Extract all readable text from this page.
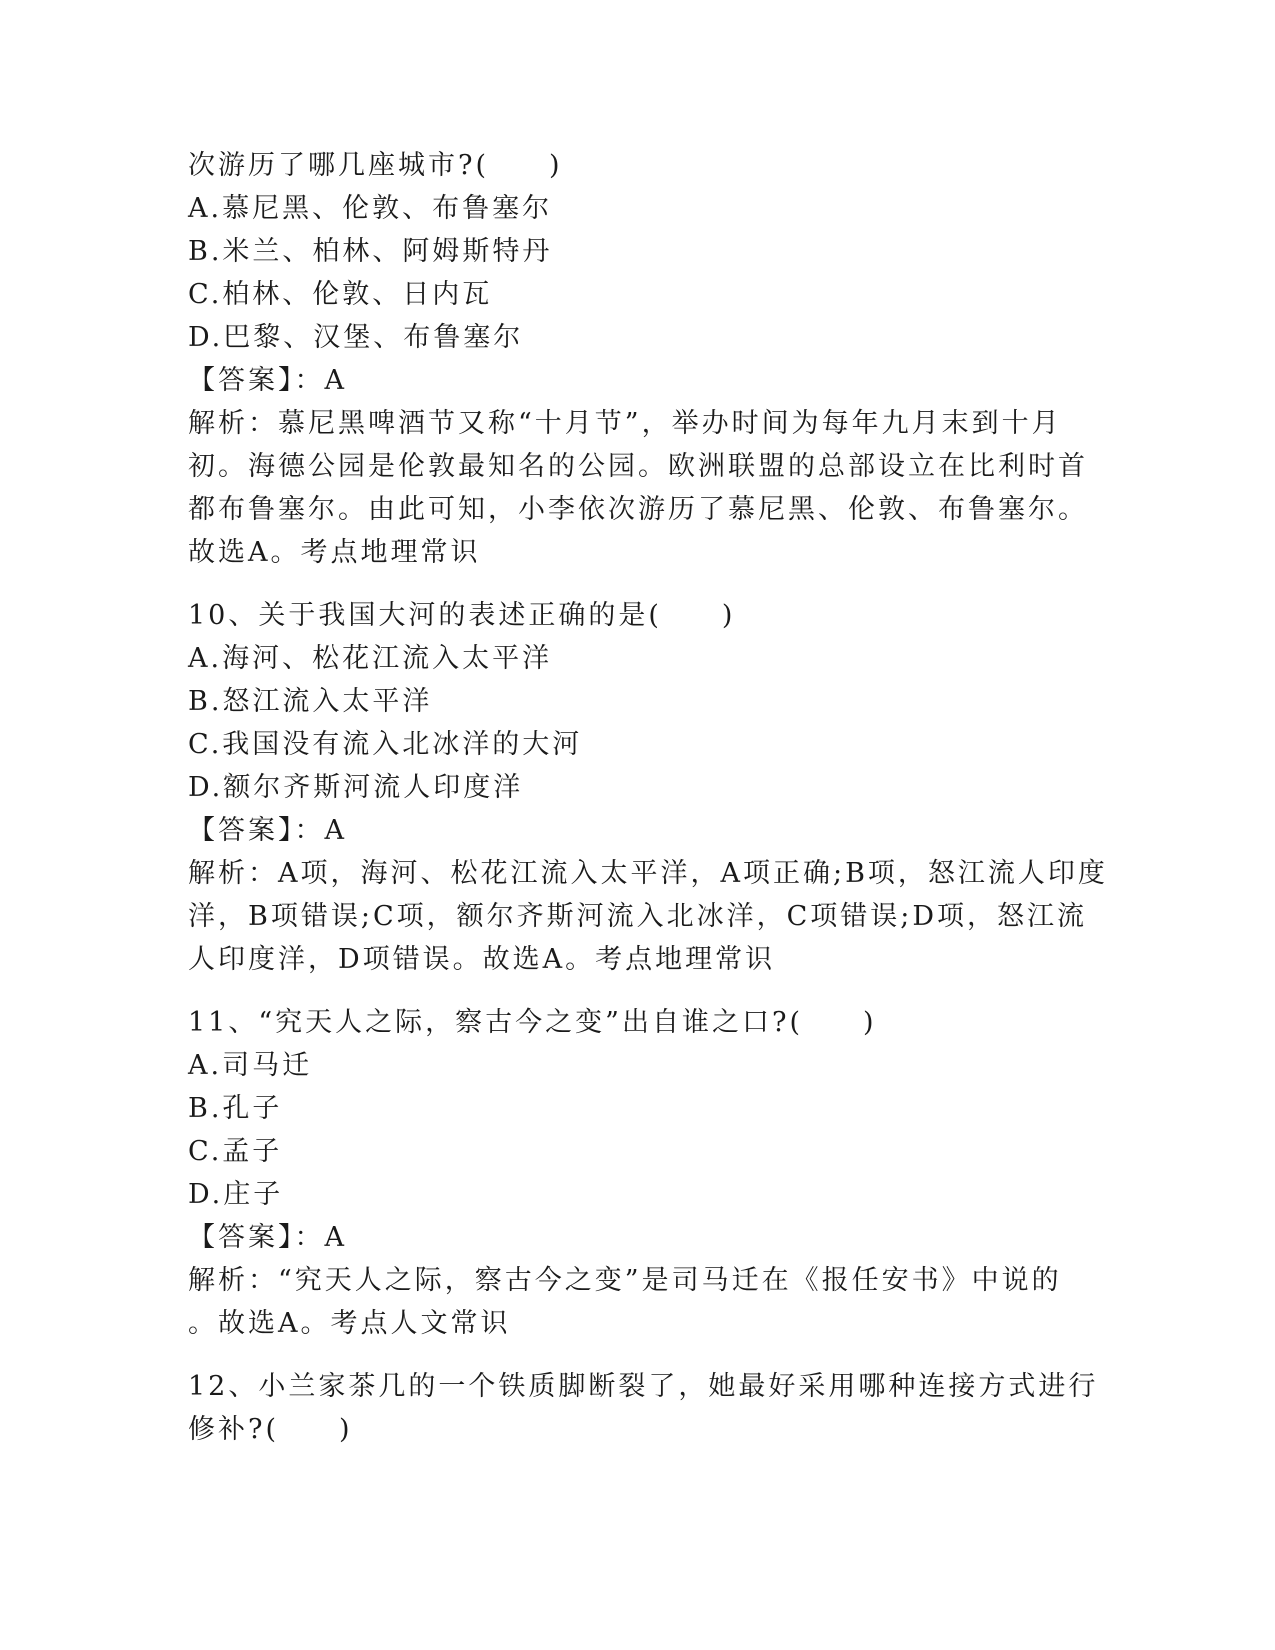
次游历了哪几座城市?(　　)
A.慕尼黑、伦敦、布鲁塞尔
B.米兰、柏林、阿姆斯特丹
C.柏林、伦敦、日内瓦
D.巴黎、汉堡、布鲁塞尔
【答案】：A
解析：慕尼黑啤酒节又称“十月节”，举办时间为每年九月末到十月
初。海德公园是伦敦最知名的公园。欧洲联盟的总部设立在比利时首
都布鲁塞尔。由此可知，小李依次游历了慕尼黑、伦敦、布鲁塞尔。
故选A。考点地理常识
10、关于我国大河的表述正确的是(　　)
A.海河、松花江流入太平洋
B.怒江流入太平洋
C.我国没有流入北冰洋的大河
D.额尔齐斯河流人印度洋
【答案】：A
解析：A项，海河、松花江流入太平洋，A项正确;B项，怒江流人印度
洋，B项错误;C项，额尔齐斯河流入北冰洋，C项错误;D项，怒江流
人印度洋，D项错误。故选A。考点地理常识
11、“究天人之际，察古今之变”出自谁之口?(　　)
A.司马迁
B.孔子
C.孟子
D.庄子
【答案】：A
解析：“究天人之际，察古今之变”是司马迁在《报任安书》中说的
。故选A。考点人文常识
12、小兰家茶几的一个铁质脚断裂了，她最好采用哪种连接方式进行
修补?(　　)
